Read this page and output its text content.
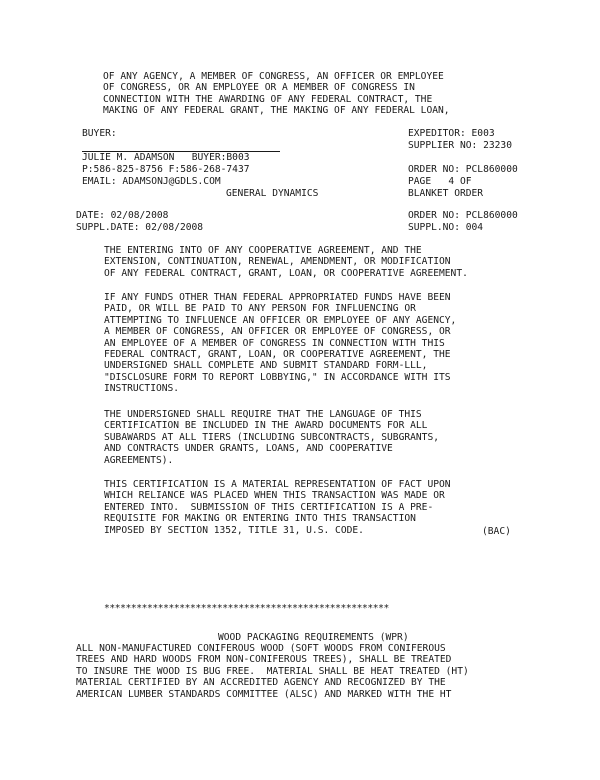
OF ANY AGENCY, A MEMBER OF CONGRESS, AN OFFICER OR EMPLOYEE
OF CONGRESS, OR AN EMPLOYEE OR A MEMBER OF CONGRESS IN
CONNECTION WITH THE AWARDING OF ANY FEDERAL CONTRACT, THE
MAKING OF ANY FEDERAL GRANT, THE MAKING OF ANY FEDERAL LOAN,
BUYER:
JULIE M. ADAMSON   BUYER:B003
P:586-825-8756 F:586-268-7437
EMAIL: ADAMSONJ@GDLS.COM
GENERAL DYNAMICS
EXPEDITOR: E003
SUPPLIER NO: 23230
ORDER NO: PCL860000
PAGE   4 OF
BLANKET ORDER
DATE: 02/08/2008
SUPPL.DATE: 02/08/2008
ORDER NO: PCL860000
SUPPL.NO: 004
THE ENTERING INTO OF ANY COOPERATIVE AGREEMENT, AND THE
EXTENSION, CONTINUATION, RENEWAL, AMENDMENT, OR MODIFICATION
OF ANY FEDERAL CONTRACT, GRANT, LOAN, OR COOPERATIVE AGREEMENT.
IF ANY FUNDS OTHER THAN FEDERAL APPROPRIATED FUNDS HAVE BEEN
PAID, OR WILL BE PAID TO ANY PERSON FOR INFLUENCING OR
ATTEMPTING TO INFLUENCE AN OFFICER OR EMPLOYEE OF ANY AGENCY,
A MEMBER OF CONGRESS, AN OFFICER OR EMPLOYEE OF CONGRESS, OR
AN EMPLOYEE OF A MEMBER OF CONGRESS IN CONNECTION WITH THIS
FEDERAL CONTRACT, GRANT, LOAN, OR COOPERATIVE AGREEMENT, THE
UNDERSIGNED SHALL COMPLETE AND SUBMIT STANDARD FORM-LLL,
"DISCLOSURE FORM TO REPORT LOBBYING," IN ACCORDANCE WITH ITS
INSTRUCTIONS.
THE UNDERSIGNED SHALL REQUIRE THAT THE LANGUAGE OF THIS
CERTIFICATION BE INCLUDED IN THE AWARD DOCUMENTS FOR ALL
SUBAWARDS AT ALL TIERS (INCLUDING SUBCONTRACTS, SUBGRANTS,
AND CONTRACTS UNDER GRANTS, LOANS, AND COOPERATIVE
AGREEMENTS).
THIS CERTIFICATION IS A MATERIAL REPRESENTATION OF FACT UPON
WHICH RELIANCE WAS PLACED WHEN THIS TRANSACTION WAS MADE OR
ENTERED INTO.  SUBMISSION OF THIS CERTIFICATION IS A PRE-
REQUISITE FOR MAKING OR ENTERING INTO THIS TRANSACTION
IMPOSED BY SECTION 1352, TITLE 31, U.S. CODE.	(BAC)
*****************************************************
WOOD PACKAGING REQUIREMENTS (WPR)
ALL NON-MANUFACTURED CONIFEROUS WOOD (SOFT WOODS FROM CONIFEROUS
TREES AND HARD WOODS FROM NON-CONIFEROUS TREES), SHALL BE TREATED
TO INSURE THE WOOD IS BUG FREE.  MATERIAL SHALL BE HEAT TREATED (HT)
MATERIAL CERTIFIED BY AN ACCREDITED AGENCY AND RECOGNIZED BY THE
AMERICAN LUMBER STANDARDS COMMITTEE (ALSC) AND MARKED WITH THE HT
